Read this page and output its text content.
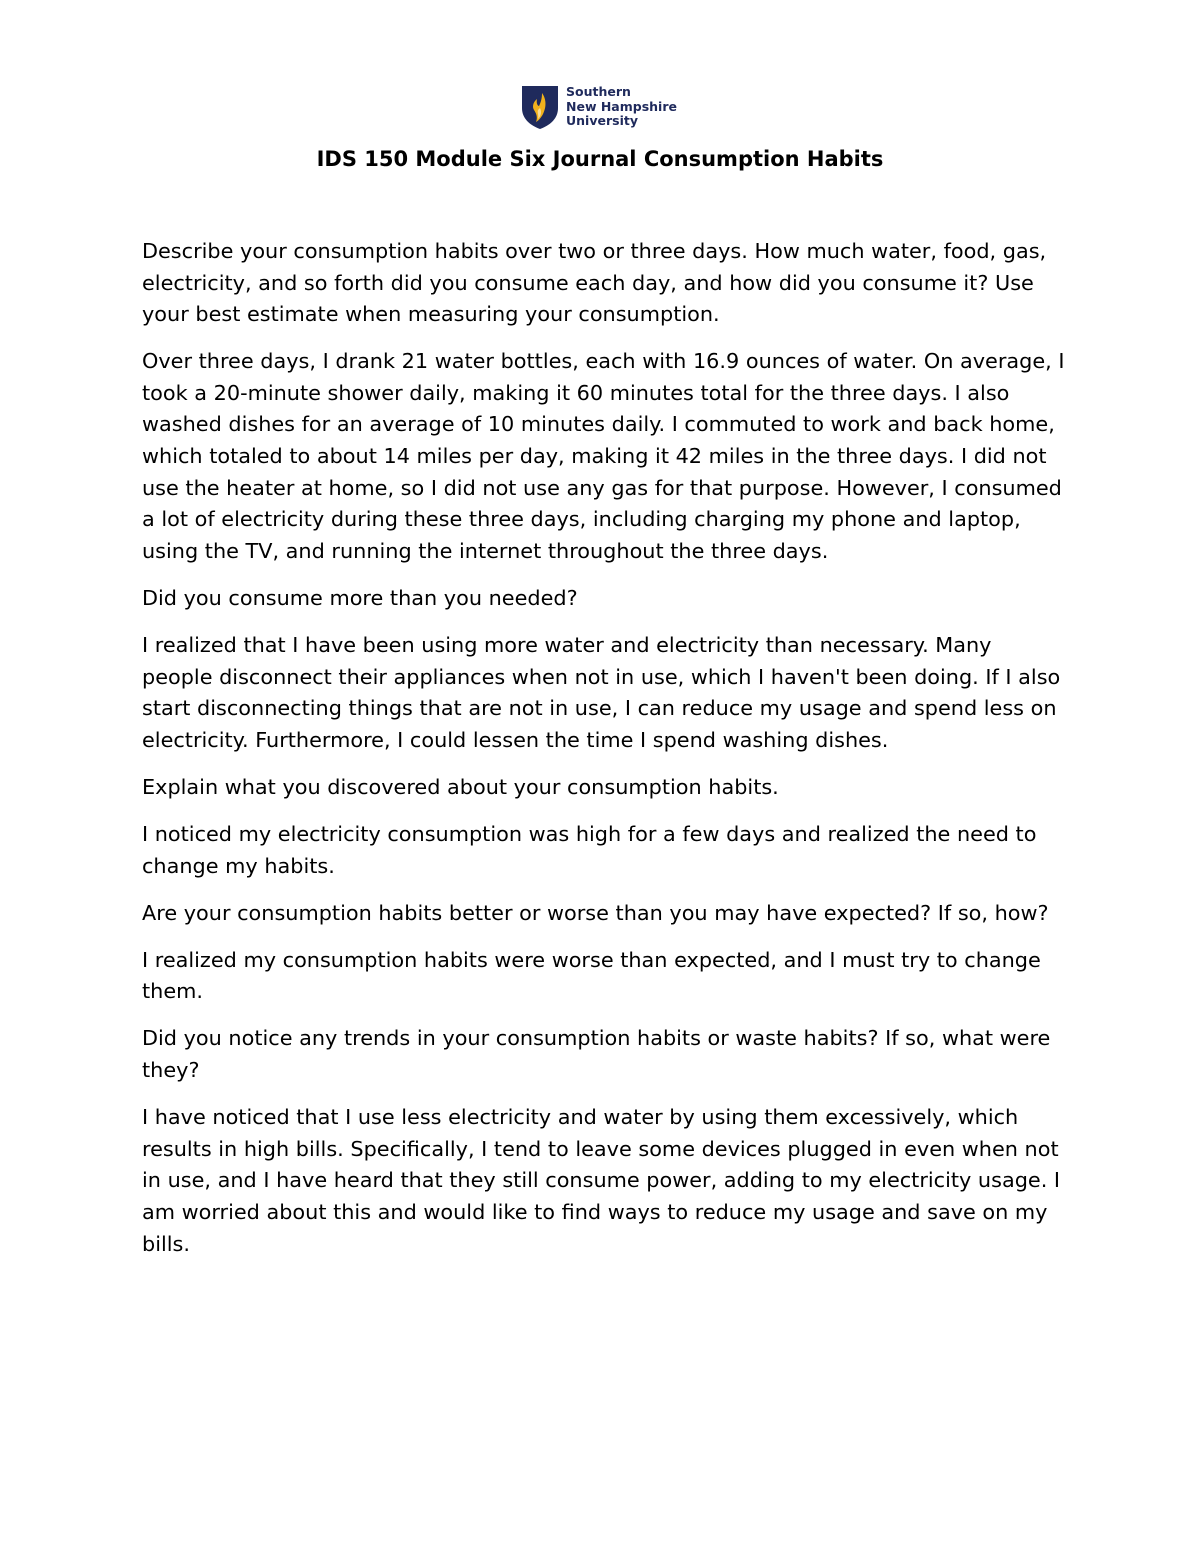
Southern
New Hampshire
University
IDS 150 Module Six Journal Consumption Habits

Describe your consumption habits over two or three days. How much water, food, gas, electricity, and so forth did you consume each day, and how did you consume it? Use your best estimate when measuring your consumption.

Over three days, I drank 21 water bottles, each with 16.9 ounces of water. On average, I took a 20-minute shower daily, making it 60 minutes total for the three days. I also washed dishes for an average of 10 minutes daily. I commuted to work and back home, which totaled to about 14 miles per day, making it 42 miles in the three days. I did not use the heater at home, so I did not use any gas for that purpose. However, I consumed a lot of electricity during these three days, including charging my phone and laptop, using the TV, and running the internet throughout the three days.

Did you consume more than you needed?

I realized that I have been using more water and electricity than necessary. Many people disconnect their appliances when not in use, which I haven't been doing. If I also start disconnecting things that are not in use, I can reduce my usage and spend less on electricity. Furthermore, I could lessen the time I spend washing dishes.

Explain what you discovered about your consumption habits.

I noticed my electricity consumption was high for a few days and realized the need to change my habits.

Are your consumption habits better or worse than you may have expected? If so, how?

I realized my consumption habits were worse than expected, and I must try to change them.

Did you notice any trends in your consumption habits or waste habits? If so, what were they?

I have noticed that I use less electricity and water by using them excessively, which results in high bills. Specifically, I tend to leave some devices plugged in even when not in use, and I have heard that they still consume power, adding to my electricity usage. I am worried about this and would like to find ways to reduce my usage and save on my bills.
